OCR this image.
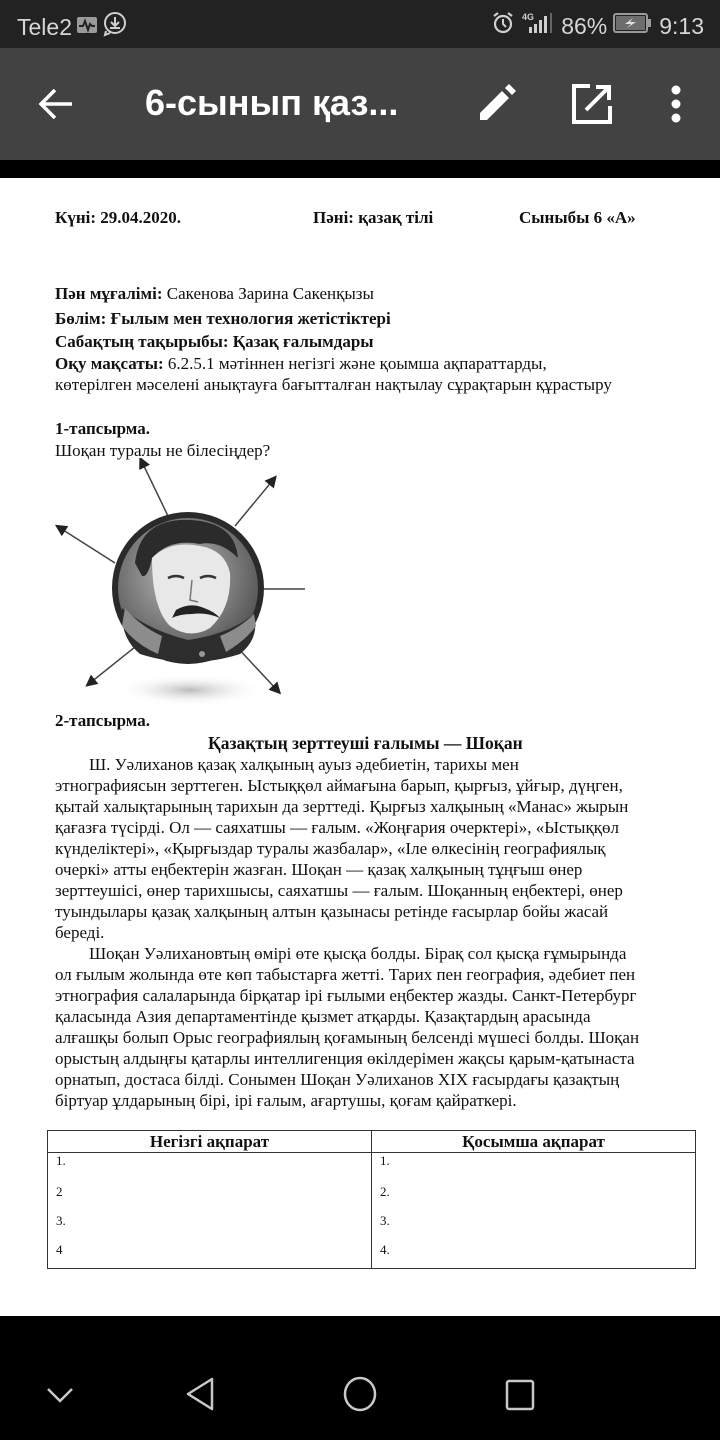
Tele2	4G 86% 9:13
6-сынып қаз...
Күні: 29.04.2020.	Пәні: қазақ тілі	Сыныбы 6 «А»
Пән мұғалімі: Сакенова Зарина Сакенқызы
Бөлім: Ғылым мен технология жетістіктері
Сабақтың тақырыбы: Қазақ ғалымдары
Оқу мақсаты: 6.2.5.1 мәтіннен негізгі және қоымша ақпараттарды,
көтерілген мәселені анықтауға бағытталған нақтылау сұрақтарын құрастыру
1-тапсырма.
Шоқан туралы не білесіңдер?
2-тапсырма.
Қазақтың зерттеуші ғалымы — Шоқан
Ш. Уәлиханов қазақ халқының ауыз әдебиетін, тарихы мен
этнографиясын зерттеген. Ыстыққөл аймағына барып, қырғыз, ұйғыр, дүңген,
қытай халықтарының тарихын да зерттеді. Қырғыз халқының «Манас» жырын
қағазға түсірді. Ол — саяхатшы — ғалым. «Жоңғария очерктері», «Ыстыққөл
күнделіктері», «Қырғыздар туралы жазбалар», «Іле өлкесінің географиялық
очеркі» атты еңбектерін жазған. Шоқан — қазақ халқының тұңғыш өнер
зерттеушісі, өнер тарихшысы, саяхатшы — ғалым. Шоқанның еңбектері, өнер
туындылары қазақ халқының алтын қазынасы ретінде ғасырлар бойы жасай
береді.
Шоқан Уәлихановтың өмірі өте қысқа болды. Бірақ сол қысқа ғұмырында
ол ғылым жолында өте көп табыстарға жетті. Тарих пен география, әдебиет пен
этнография салаларында бірқатар ірі ғылыми еңбектер жазды. Санкт-Петербург
қаласында Азия департаментінде қызмет атқарды. Қазақтардың арасында
алғашқы болып Орыс географиялың қоғамының белсенді мүшесі болды. Шоқан
орыстың алдыңғы қатарлы интеллигенция өкілдерімен жақсы қарым-қатынаста
орнатып, достаса білді. Сонымен Шоқан Уәлиханов XIX ғасырдағы қазақтың
біртуар ұлдарының бірі, ірі ғалым, ағартушы, қоғам қайраткері.
Негізгі ақпарат	Қосымша ақпарат
1.	1.
2	2.
3.	3.
4	4.
